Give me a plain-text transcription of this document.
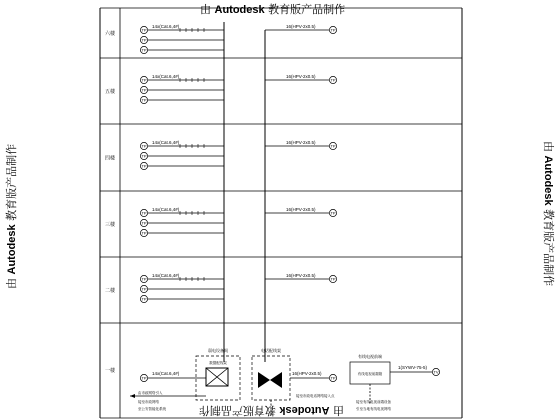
由 Autodesk 教育版产品制作
由 Autodesk 教育版产品制作
由 Autodesk 教育版产品制作	由 Autodesk 教育版产品制作
六楼
TP	TP
TP
TP
14x(Cat.6,4#)	16(HPV-2x0.5)
五楼
TP	TP
TP
TP
14x(Cat.6,4#)	16(HPV-2x0.5)
四楼
TP	TP
TP
TP
14x(Cat.6,4#)	16(HPV-2x0.5)
三楼
TP	TP
TP
TP
14x(Cat.6,4#)	16(HPV-2x0.5)
二楼
TP	TP
TP
TP
14x(Cat.6,4#)	16(HPV-2x0.5)
一楼
弱电设备间
数据配线架
TP
14x(Cat.6,4#)
电话配线架
TP
16(HPV-2x0.5)
有线电视前端
有线电视前端箱	TV
1(SYWV-75-5)
由市政网络引入
接至市政网络
至公安智能化系统
接至市政电话网络接入点
引至当地有线电视网络
接至有线电视前端设备
